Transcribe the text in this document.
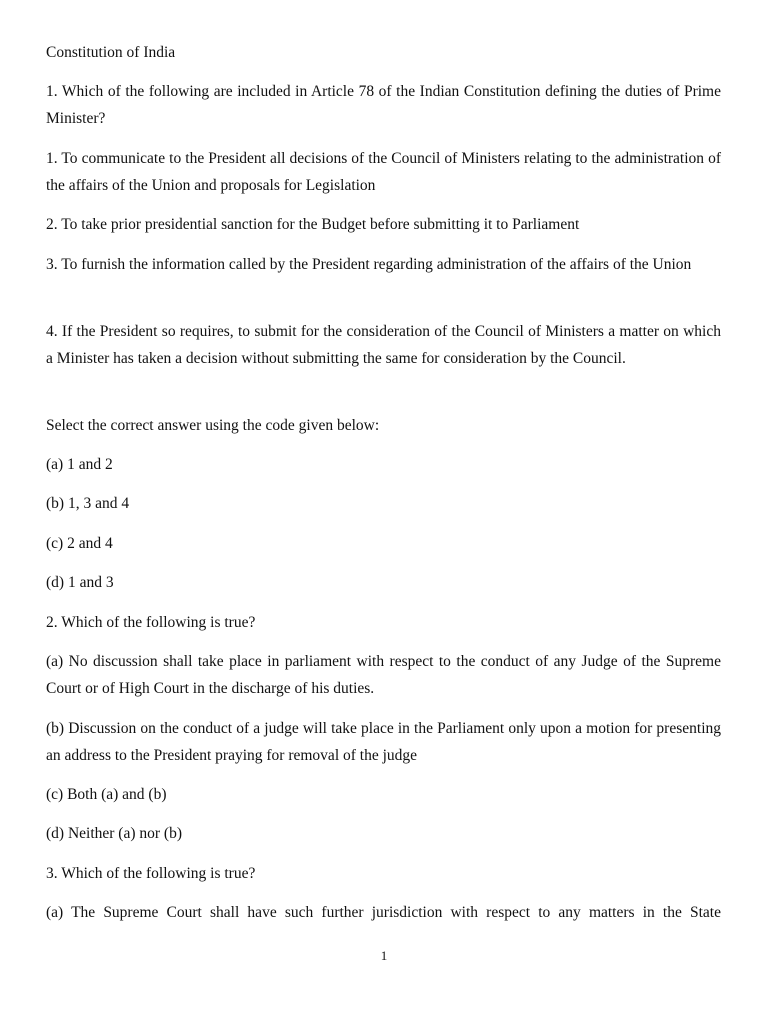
Constitution of India

1. Which of the following are included in Article 78 of the Indian Constitution defining the duties of Prime Minister?

1. To communicate to the President all decisions of the Council of Ministers relating to the administration of the affairs of the Union and proposals for Legislation

2. To take prior presidential sanction for the Budget before submitting it to Parliament

3. To furnish the information called by the President regarding administration of the affairs of the Union

4. If the President so requires, to submit for the consideration of the Council of Ministers a matter on which a Minister has taken a decision without submitting the same for consideration by the Council.

Select the correct answer using the code given below:

(a) 1 and 2

(b) 1, 3 and 4

(c) 2 and 4

(d) 1 and 3

2. Which of the following is true?

(a) No discussion shall take place in parliament with respect to the conduct of any Judge of the Supreme Court or of High Court in the discharge of his duties.

(b) Discussion on the conduct of a judge will take place in the Parliament only upon a motion for presenting an address to the President praying for removal of the judge

(c) Both (a) and (b)

(d) Neither (a) nor (b)

3. Which of the following is true?

(a) The Supreme Court shall have such further jurisdiction with respect to any matters in the State

1
